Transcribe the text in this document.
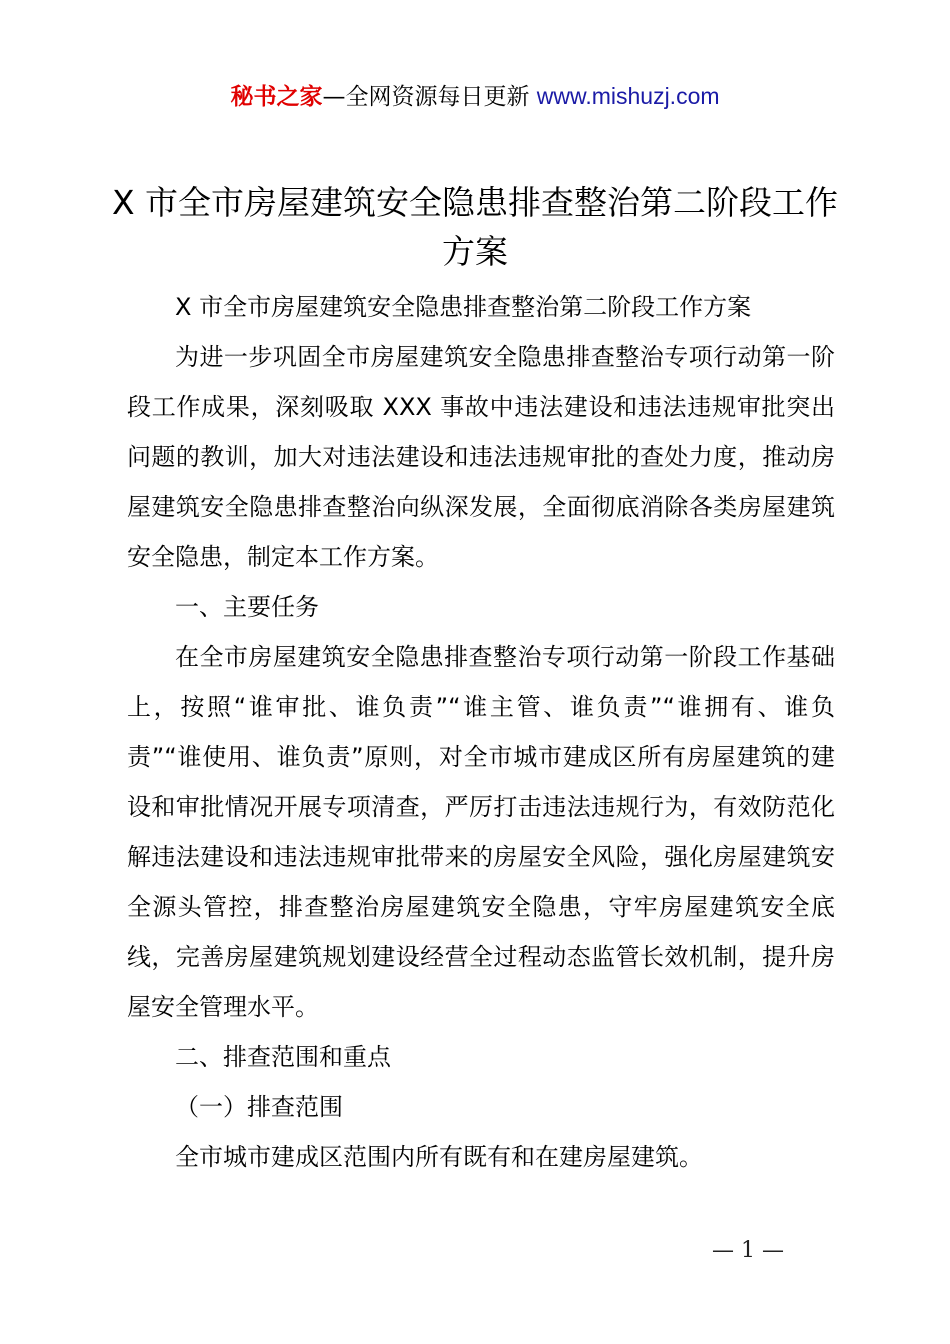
秘书之家—全网资源每日更新 www.mishuzj.com
X 市全市房屋建筑安全隐患排查整治第二阶段工作方案

X 市全市房屋建筑安全隐患排查整治第二阶段工作方案

为进一步巩固全市房屋建筑安全隐患排查整治专项行动第一阶段工作成果，深刻吸取 XXX 事故中违法建设和违法违规审批突出问题的教训，加大对违法建设和违法违规审批的查处力度，推动房屋建筑安全隐患排查整治向纵深发展，全面彻底消除各类房屋建筑安全隐患，制定本工作方案。

一、主要任务

在全市房屋建筑安全隐患排查整治专项行动第一阶段工作基础上，按照“谁审批、谁负责”“谁主管、谁负责”“谁拥有、谁负责”“谁使用、谁负责”原则，对全市城市建成区所有房屋建筑的建设和审批情况开展专项清查，严厉打击违法违规行为，有效防范化解违法建设和违法违规审批带来的房屋安全风险，强化房屋建筑安全源头管控，排查整治房屋建筑安全隐患，守牢房屋建筑安全底线，完善房屋建筑规划建设经营全过程动态监管长效机制，提升房屋安全管理水平。

二、排查范围和重点

（一）排查范围

全市城市建成区范围内所有既有和在建房屋建筑。

— 1 —
